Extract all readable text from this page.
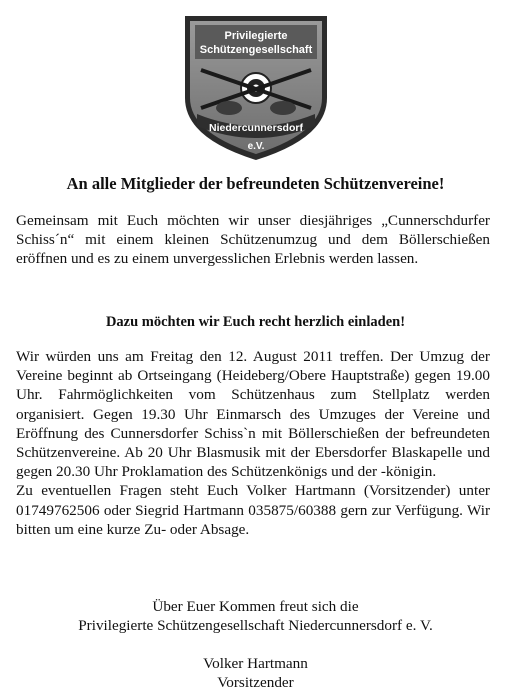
Privilegierte
Schützengesellschaft
Niedercunnersdorf
e.V.
An alle Mitglieder der befreundeten Schützenvereine!
Gemeinsam mit Euch möchten wir unser diesjähriges „Cunnerschdurfer Schiss´n“ mit einem kleinen Schützenumzug und dem Böllerschießen eröffnen und es zu einem unvergesslichen Erlebnis werden lassen.
Dazu möchten wir Euch recht herzlich einladen!
Wir würden uns am Freitag den 12. August 2011 treffen. Der Umzug der Vereine beginnt ab Ortseingang (Heideberg/Obere Hauptstraße) gegen 19.00 Uhr. Fahrmöglichkeiten vom Schützenhaus zum Stellplatz werden organisiert. Gegen 19.30 Uhr Einmarsch des Umzuges der Vereine und Eröffnung des Cunnersdorfer Schiss`n mit Böllerschießen der befreundeten Schützenvereine. Ab 20 Uhr Blasmusik mit der Ebersdorfer Blaskapelle und gegen 20.30 Uhr Proklamation des Schützenkönigs und der -königin.
Zu eventuellen Fragen steht Euch Volker Hartmann (Vorsitzender) unter 01749762506 oder Siegrid Hartmann 035875/60388 gern zur Verfügung. Wir bitten um eine kurze Zu- oder Absage.
Über Euer Kommen freut sich die
Privilegierte Schützengesellschaft Niedercunnersdorf e. V.
Volker Hartmann
Vorsitzender
